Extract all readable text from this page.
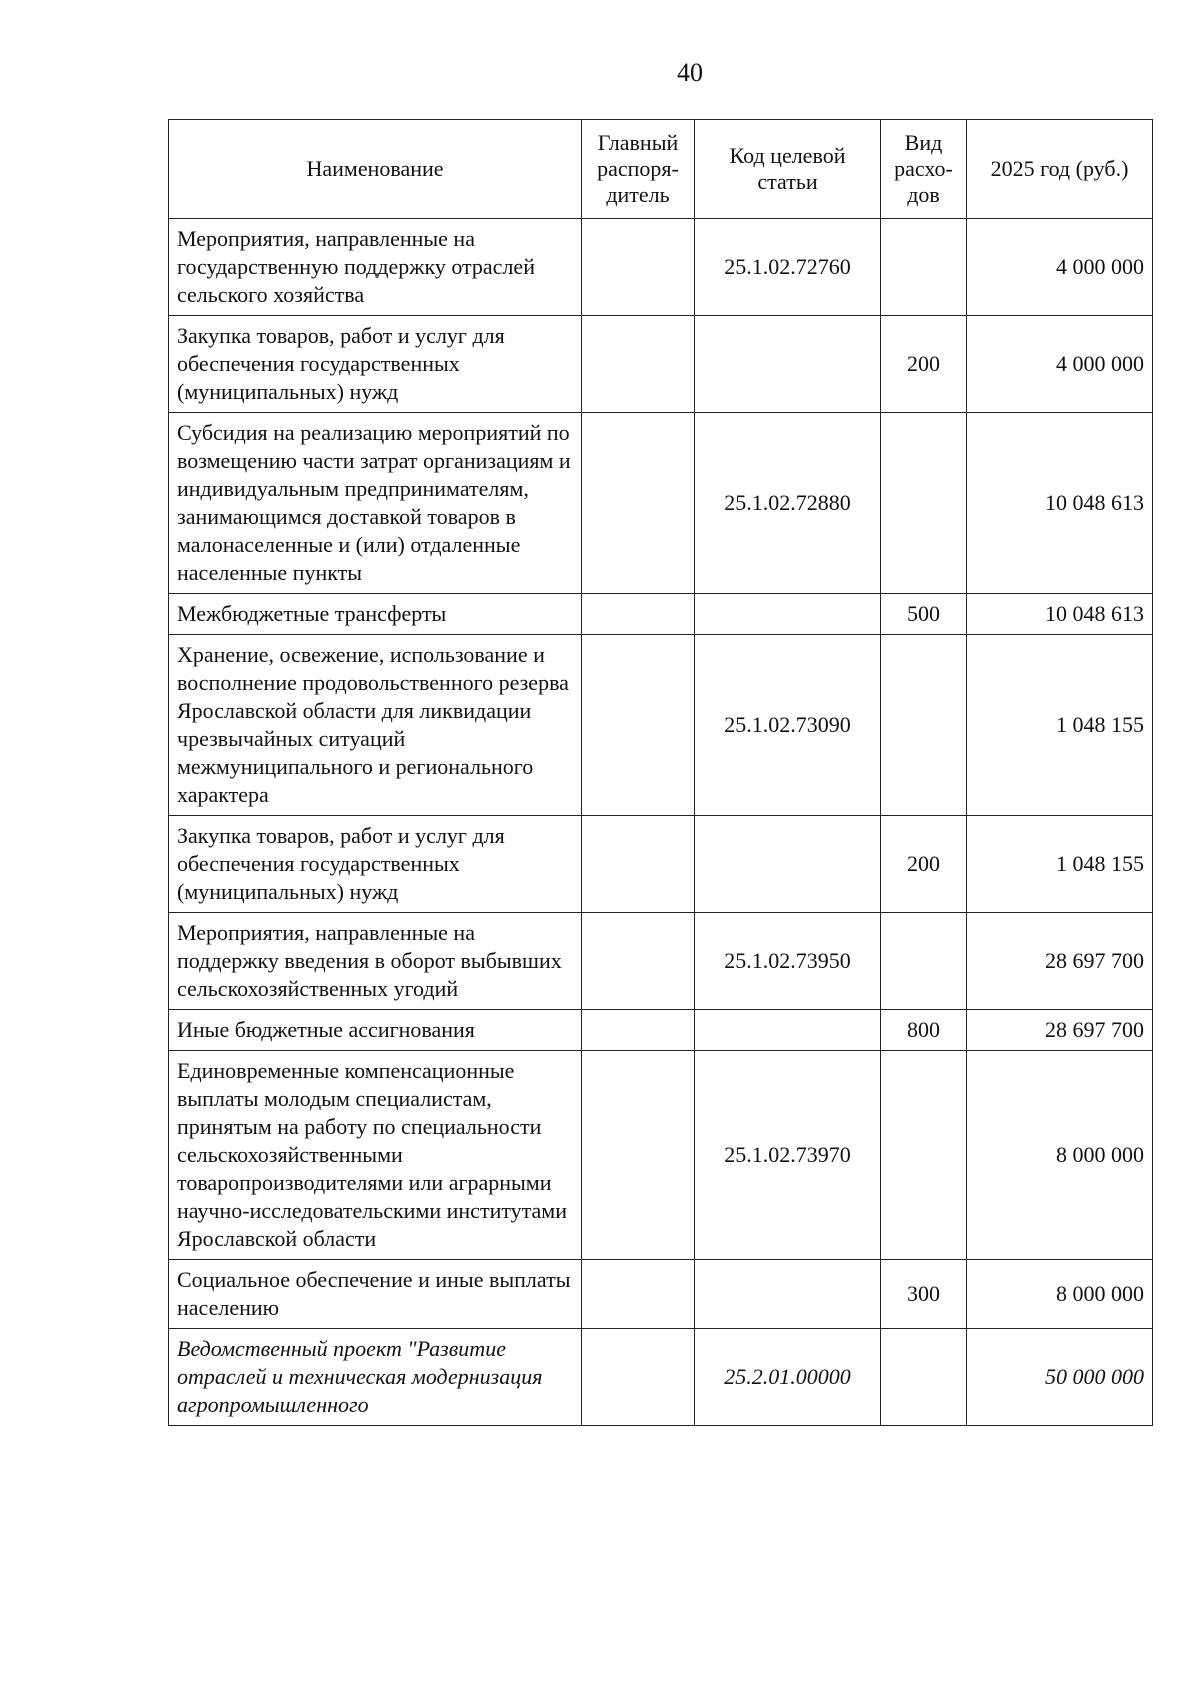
40
Наименование	Главный распоря-дитель	Код целевой статьи	Вид расхо-дов	2025 год (руб.)
Мероприятия, направленные на государственную поддержку отраслей сельского хозяйства		25.1.02.72760		4 000 000
Закупка товаров, работ и услуг для обеспечения государственных (муниципальных) нужд			200	4 000 000
Субсидия на реализацию мероприятий по возмещению части затрат организациям и индивидуальным предпринимателям, занимающимся доставкой товаров в малонаселенные и (или) отдаленные населенные пункты		25.1.02.72880		10 048 613
Межбюджетные трансферты			500	10 048 613
Хранение, освежение, использование и восполнение продовольственного резерва Ярославской области для ликвидации чрезвычайных ситуаций межмуниципального и регионального характера		25.1.02.73090		1 048 155
Закупка товаров, работ и услуг для обеспечения государственных (муниципальных) нужд			200	1 048 155
Мероприятия, направленные на поддержку введения в оборот выбывших сельскохозяйственных угодий		25.1.02.73950		28 697 700
Иные бюджетные ассигнования			800	28 697 700
Единовременные компенсационные выплаты молодым специалистам, принятым на работу по специальности сельскохозяйственными товаропроизводителями или аграрными научно-исследовательскими институтами Ярославской области		25.1.02.73970		8 000 000
Социальное обеспечение и иные выплаты населению			300	8 000 000
Ведомственный проект "Развитие отраслей и техническая модернизация агропромышленного		25.2.01.00000		50 000 000
